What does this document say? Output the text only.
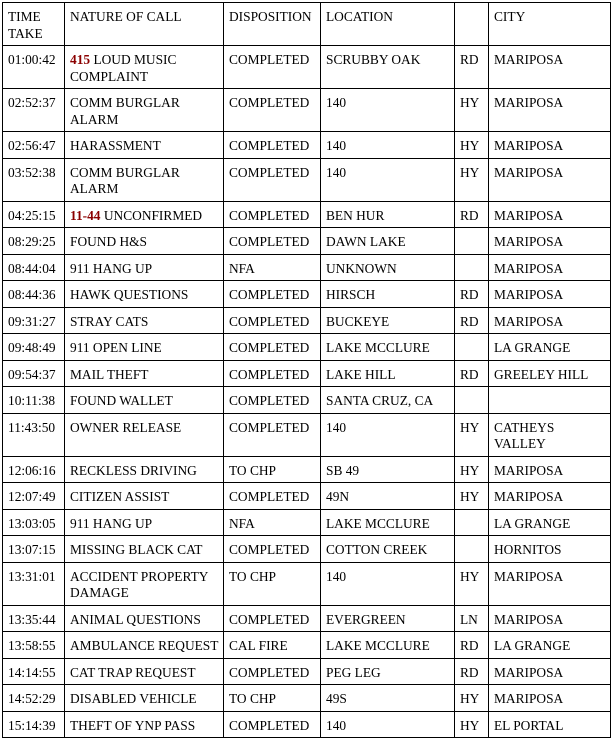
TIME TAKE	NATURE OF CALL	DISPOSITION	LOCATION		CITY
01:00:42	415 LOUD MUSIC COMPLAINT	COMPLETED	SCRUBBY OAK	RD	MARIPOSA
02:52:37	COMM BURGLAR ALARM	COMPLETED	140	HY	MARIPOSA
02:56:47	HARASSMENT	COMPLETED	140	HY	MARIPOSA
03:52:38	COMM BURGLAR ALARM	COMPLETED	140	HY	MARIPOSA
04:25:15	11-44 UNCONFIRMED	COMPLETED	BEN HUR	RD	MARIPOSA
08:29:25	FOUND H&S	COMPLETED	DAWN LAKE		MARIPOSA
08:44:04	911 HANG UP	NFA	UNKNOWN		MARIPOSA
08:44:36	HAWK QUESTIONS	COMPLETED	HIRSCH	RD	MARIPOSA
09:31:27	STRAY CATS	COMPLETED	BUCKEYE	RD	MARIPOSA
09:48:49	911 OPEN LINE	COMPLETED	LAKE MCCLURE		LA GRANGE
09:54:37	MAIL THEFT	COMPLETED	LAKE HILL	RD	GREELEY HILL
10:11:38	FOUND WALLET	COMPLETED	SANTA CRUZ, CA		
11:43:50	OWNER RELEASE	COMPLETED	140	HY	CATHEYS VALLEY
12:06:16	RECKLESS DRIVING	TO CHP	SB 49	HY	MARIPOSA
12:07:49	CITIZEN ASSIST	COMPLETED	49N	HY	MARIPOSA
13:03:05	911 HANG UP	NFA	LAKE MCCLURE		LA GRANGE
13:07:15	MISSING BLACK CAT	COMPLETED	COTTON CREEK		HORNITOS
13:31:01	ACCIDENT PROPERTY DAMAGE	TO CHP	140	HY	MARIPOSA
13:35:44	ANIMAL QUESTIONS	COMPLETED	EVERGREEN	LN	MARIPOSA
13:58:55	AMBULANCE REQUEST	CAL FIRE	LAKE MCCLURE	RD	LA GRANGE
14:14:55	CAT TRAP REQUEST	COMPLETED	PEG LEG	RD	MARIPOSA
14:52:29	DISABLED VEHICLE	TO CHP	49S	HY	MARIPOSA
15:14:39	THEFT OF YNP PASS	COMPLETED	140	HY	EL PORTAL
